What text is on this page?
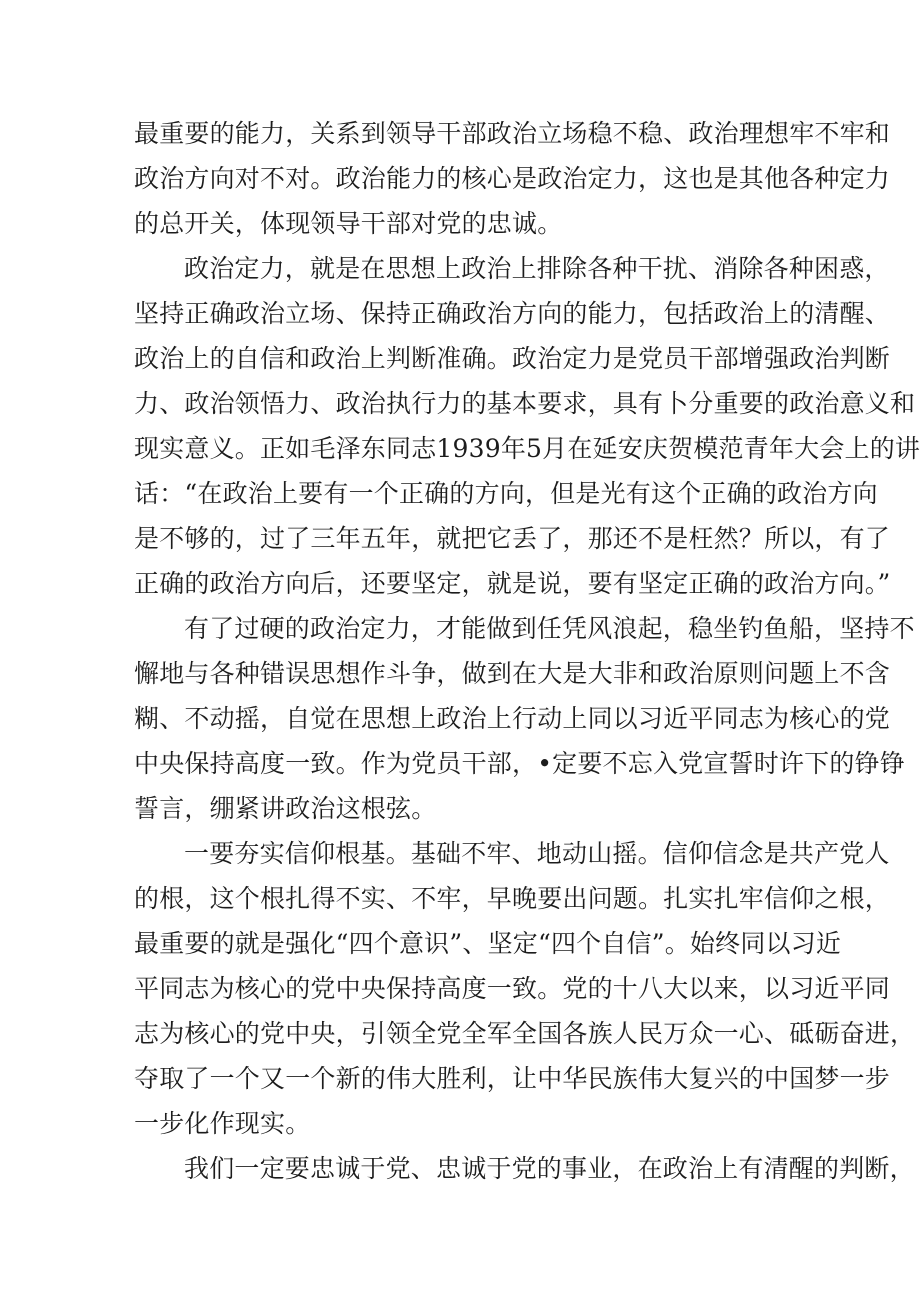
最重要的能力，关系到领导干部政治立场稳不稳、政治理想牢不牢和
政治方向对不对。政治能力的核心是政治定力，这也是其他各种定力
的总开关，体现领导干部对党的忠诚。
政治定力，就是在思想上政治上排除各种干扰、消除各种困惑，
坚持正确政治立场、保持正确政治方向的能力，包括政治上的清醒、
政治上的自信和政治上判断准确。政治定力是党员干部增强政治判断
力、政治领悟力、政治执行力的基本要求，具有卜分重要的政治意义和
现实意义。正如毛泽东同志1939年5月在延安庆贺模范青年大会上的讲
话：“在政治上要有一个正确的方向，但是光有这个正确的政治方向
是不够的，过了三年五年，就把它丢了，那还不是枉然？所以，有了
正确的政治方向后，还要坚定，就是说，要有坚定正确的政治方向。”
有了过硬的政治定力，才能做到任凭风浪起，稳坐钓鱼船，坚持不
懈地与各种错误思想作斗争，做到在大是大非和政治原则问题上不含
糊、不动摇，自觉在思想上政治上行动上同以习近平同志为核心的党
中央保持高度一致。作为党员干部，•定要不忘入党宣誓时许下的铮铮
誓言，绷紧讲政治这根弦。
一要夯实信仰根基。基础不牢、地动山摇。信仰信念是共产党人
的根，这个根扎得不实、不牢，早晚要出问题。扎实扎牢信仰之根，
最重要的就是强化“四个意识”、坚定“四个自信”。始终同以习近
平同志为核心的党中央保持高度一致。党的十八大以来，以习近平同
志为核心的党中央，引领全党全军全国各族人民万众一心、砥砺奋进，
夺取了一个又一个新的伟大胜利，让中华民族伟大复兴的中国梦一步
一步化作现实。
我们一定要忠诚于党、忠诚于党的事业，在政治上有清醒的判断，
